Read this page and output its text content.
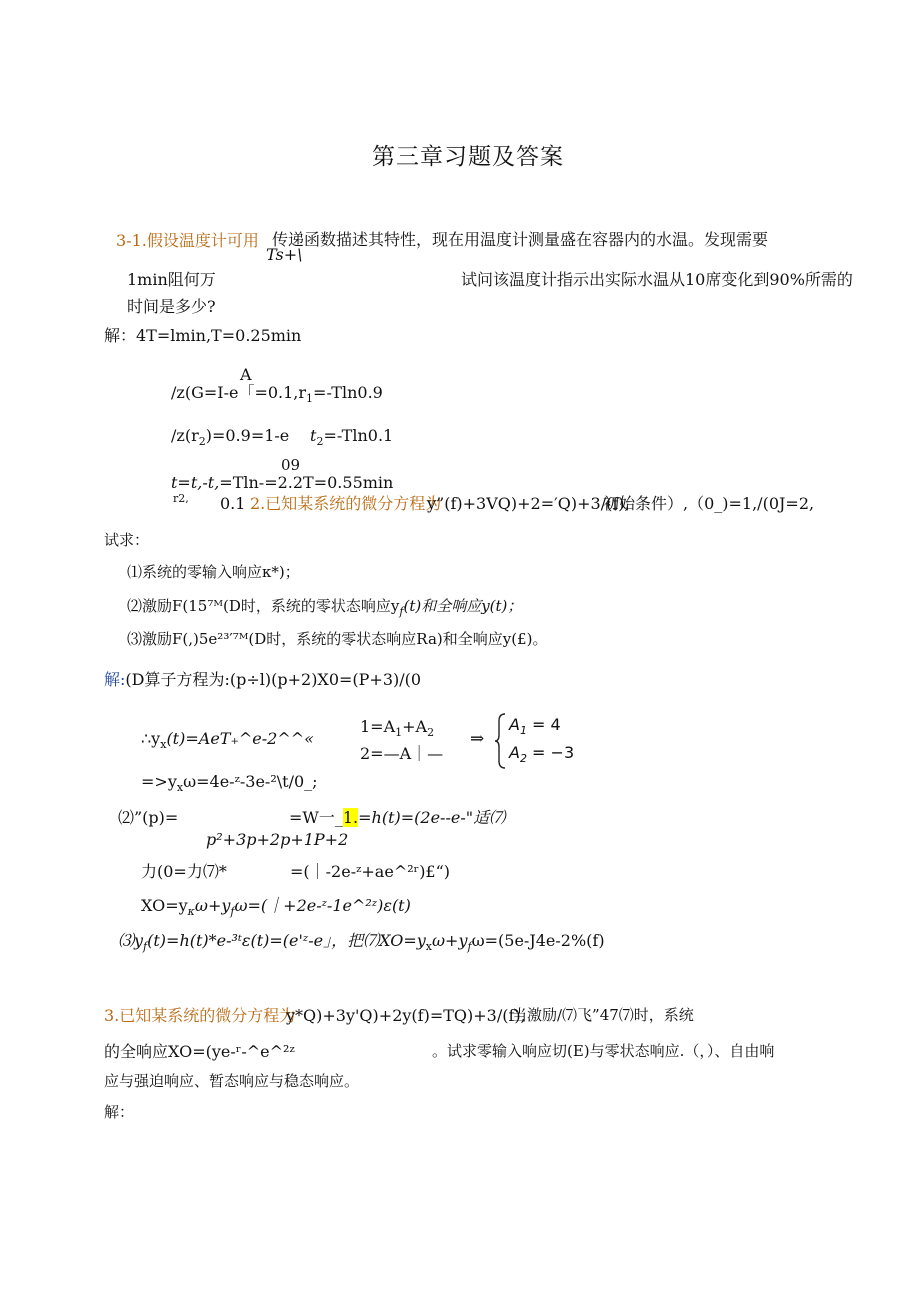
第三章习题及答案
3-1.假设温度计可用 传递函数描述其特性，现在用温度计测量盛在容器内的水温。发现需要
Ts+\
1min阻何万	试问该温度计指示出实际水温从10席变化到90%所需的
时间是多少?
解：4T=lmin,T=0.25min
A
/z(G=I-e「$=0.1,r_1=-Tln0.9$
$/z(r_2)=0.9=1-e$ $t_2=-Tln0.1$
09
t=t,-t,=Tln-=2.2T=0.55min
r2, 0.1 2.已知某系统的微分方程为
y”(f)+3VQ)+2=′Q)+3∕(f),
初始条件）,（0_)=1,∕(0J=2,
试求：
⑴系统的零输入响应κ*)；
⑵激励F(15⁷ᴹ(D时，系统的零状态响应$y_f(t)$和全响应y(t)；
⑶激励F(,)5e²³′⁷ᴹ(D时，系统的零状态响应Ra)和全响应y(£)。
解:(D算子方程为:(p÷l)(p+2)X0=(P+3)/(0
$\therefore y_x(t)=AeT_+\^{}e-2\^{}\^{}«$
$1=A_1+A_2$
2=—A｜—
⇒
$A_1 = 4$
$A_2 = -3$
$=>y_x\omega=4e-ᶻ-3e-^2\backslash t/0\_$;
⑵”(p)=	=W一_1.=h(t)=(2e--e-"适⑺
p²+3p+2p+1P+2
力(0=力⑺*	=(｜-2e-ᶻ+ae^²ʳ)£“)
$XO=y_\kappa\omega+y_f\omega=(|+2e-ᶻ-1e\^{}^2ᶻ)\varepsilon(t)$
$⑶y_f(t)=h(t)*e-^3ᵗ\varepsilon(t)=(e'ᶻ-e$」，把$⑺XO=y_x\omega+y_f\omega=(5e-J4e-2\%(f)$
3.已知某系统的微分方程为
y*Q)+3y'Q)+2y(f)=TQ)+3∕(f),
当激励∕⑺飞”47⑺时，系统
的全响应XO=(ye-ʳ-^e^²ᶻ	。试求零输入响应切(E)与零状态响应.（，）、自由响
应与强迫响应、暂态响应与稳态响应。
解：
